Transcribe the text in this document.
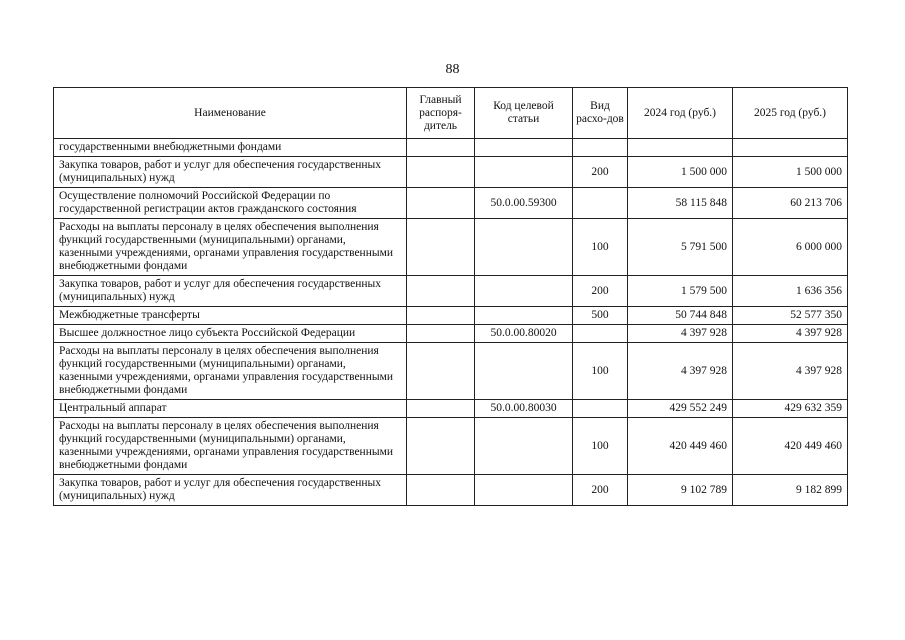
88
Наименование	Главный распоря-дитель	Код целевой статьи	Вид расхо-дов	2024 год (руб.)	2025 год (руб.)
государственными внебюджетными фондами					
Закупка товаров, работ и услуг для обеспечения государственных (муниципальных) нужд			200	1 500 000	1 500 000
Осуществление полномочий Российской Федерации по государственной регистрации актов гражданского состояния		50.0.00.59300		58 115 848	60 213 706
Расходы на выплаты персоналу в целях обеспечения выполнения функций государственными (муниципальными) органами, казенными учреждениями, органами управления государственными внебюджетными фондами			100	5 791 500	6 000 000
Закупка товаров, работ и услуг для обеспечения государственных (муниципальных) нужд			200	1 579 500	1 636 356
Межбюджетные трансферты			500	50 744 848	52 577 350
Высшее должностное лицо субъекта Российской Федерации		50.0.00.80020		4 397 928	4 397 928
Расходы на выплаты персоналу в целях обеспечения выполнения функций государственными (муниципальными) органами, казенными учреждениями, органами управления государственными внебюджетными фондами			100	4 397 928	4 397 928
Центральный аппарат		50.0.00.80030		429 552 249	429 632 359
Расходы на выплаты персоналу в целях обеспечения выполнения функций государственными (муниципальными) органами, казенными учреждениями, органами управления государственными внебюджетными фондами			100	420 449 460	420 449 460
Закупка товаров, работ и услуг для обеспечения государственных (муниципальных) нужд			200	9 102 789	9 182 899
